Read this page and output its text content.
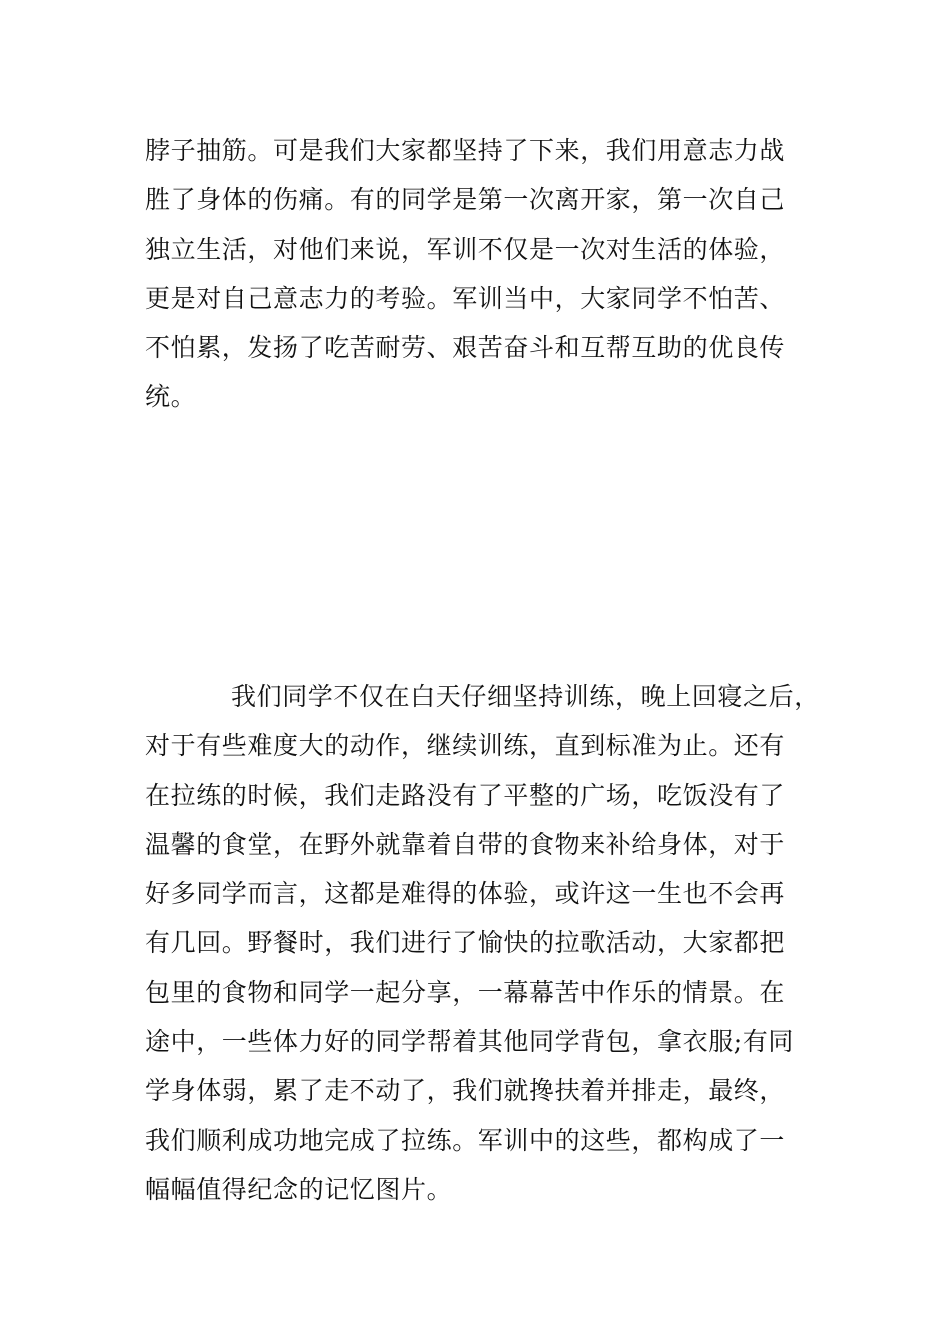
脖子抽筋。可是我们大家都坚持了下来，我们用意志力战
胜了身体的伤痛。有的同学是第一次离开家，第一次自己
独立生活，对他们来说，军训不仅是一次对生活的体验，
更是对自己意志力的考验。军训当中，大家同学不怕苦、
不怕累，发扬了吃苦耐劳、艰苦奋斗和互帮互助的优良传
统。
我们同学不仅在白天仔细坚持训练，晚上回寝之后，
对于有些难度大的动作，继续训练，直到标准为止。还有
在拉练的时候，我们走路没有了平整的广场，吃饭没有了
温馨的食堂，在野外就靠着自带的食物来补给身体，对于
好多同学而言，这都是难得的体验，或许这一生也不会再
有几回。野餐时，我们进行了愉快的拉歌活动，大家都把
包里的食物和同学一起分享，一幕幕苦中作乐的情景。在
途中，一些体力好的同学帮着其他同学背包，拿衣服;有同
学身体弱，累了走不动了，我们就搀扶着并排走，最终，
我们顺利成功地完成了拉练。军训中的这些，都构成了一
幅幅值得纪念的记忆图片。
